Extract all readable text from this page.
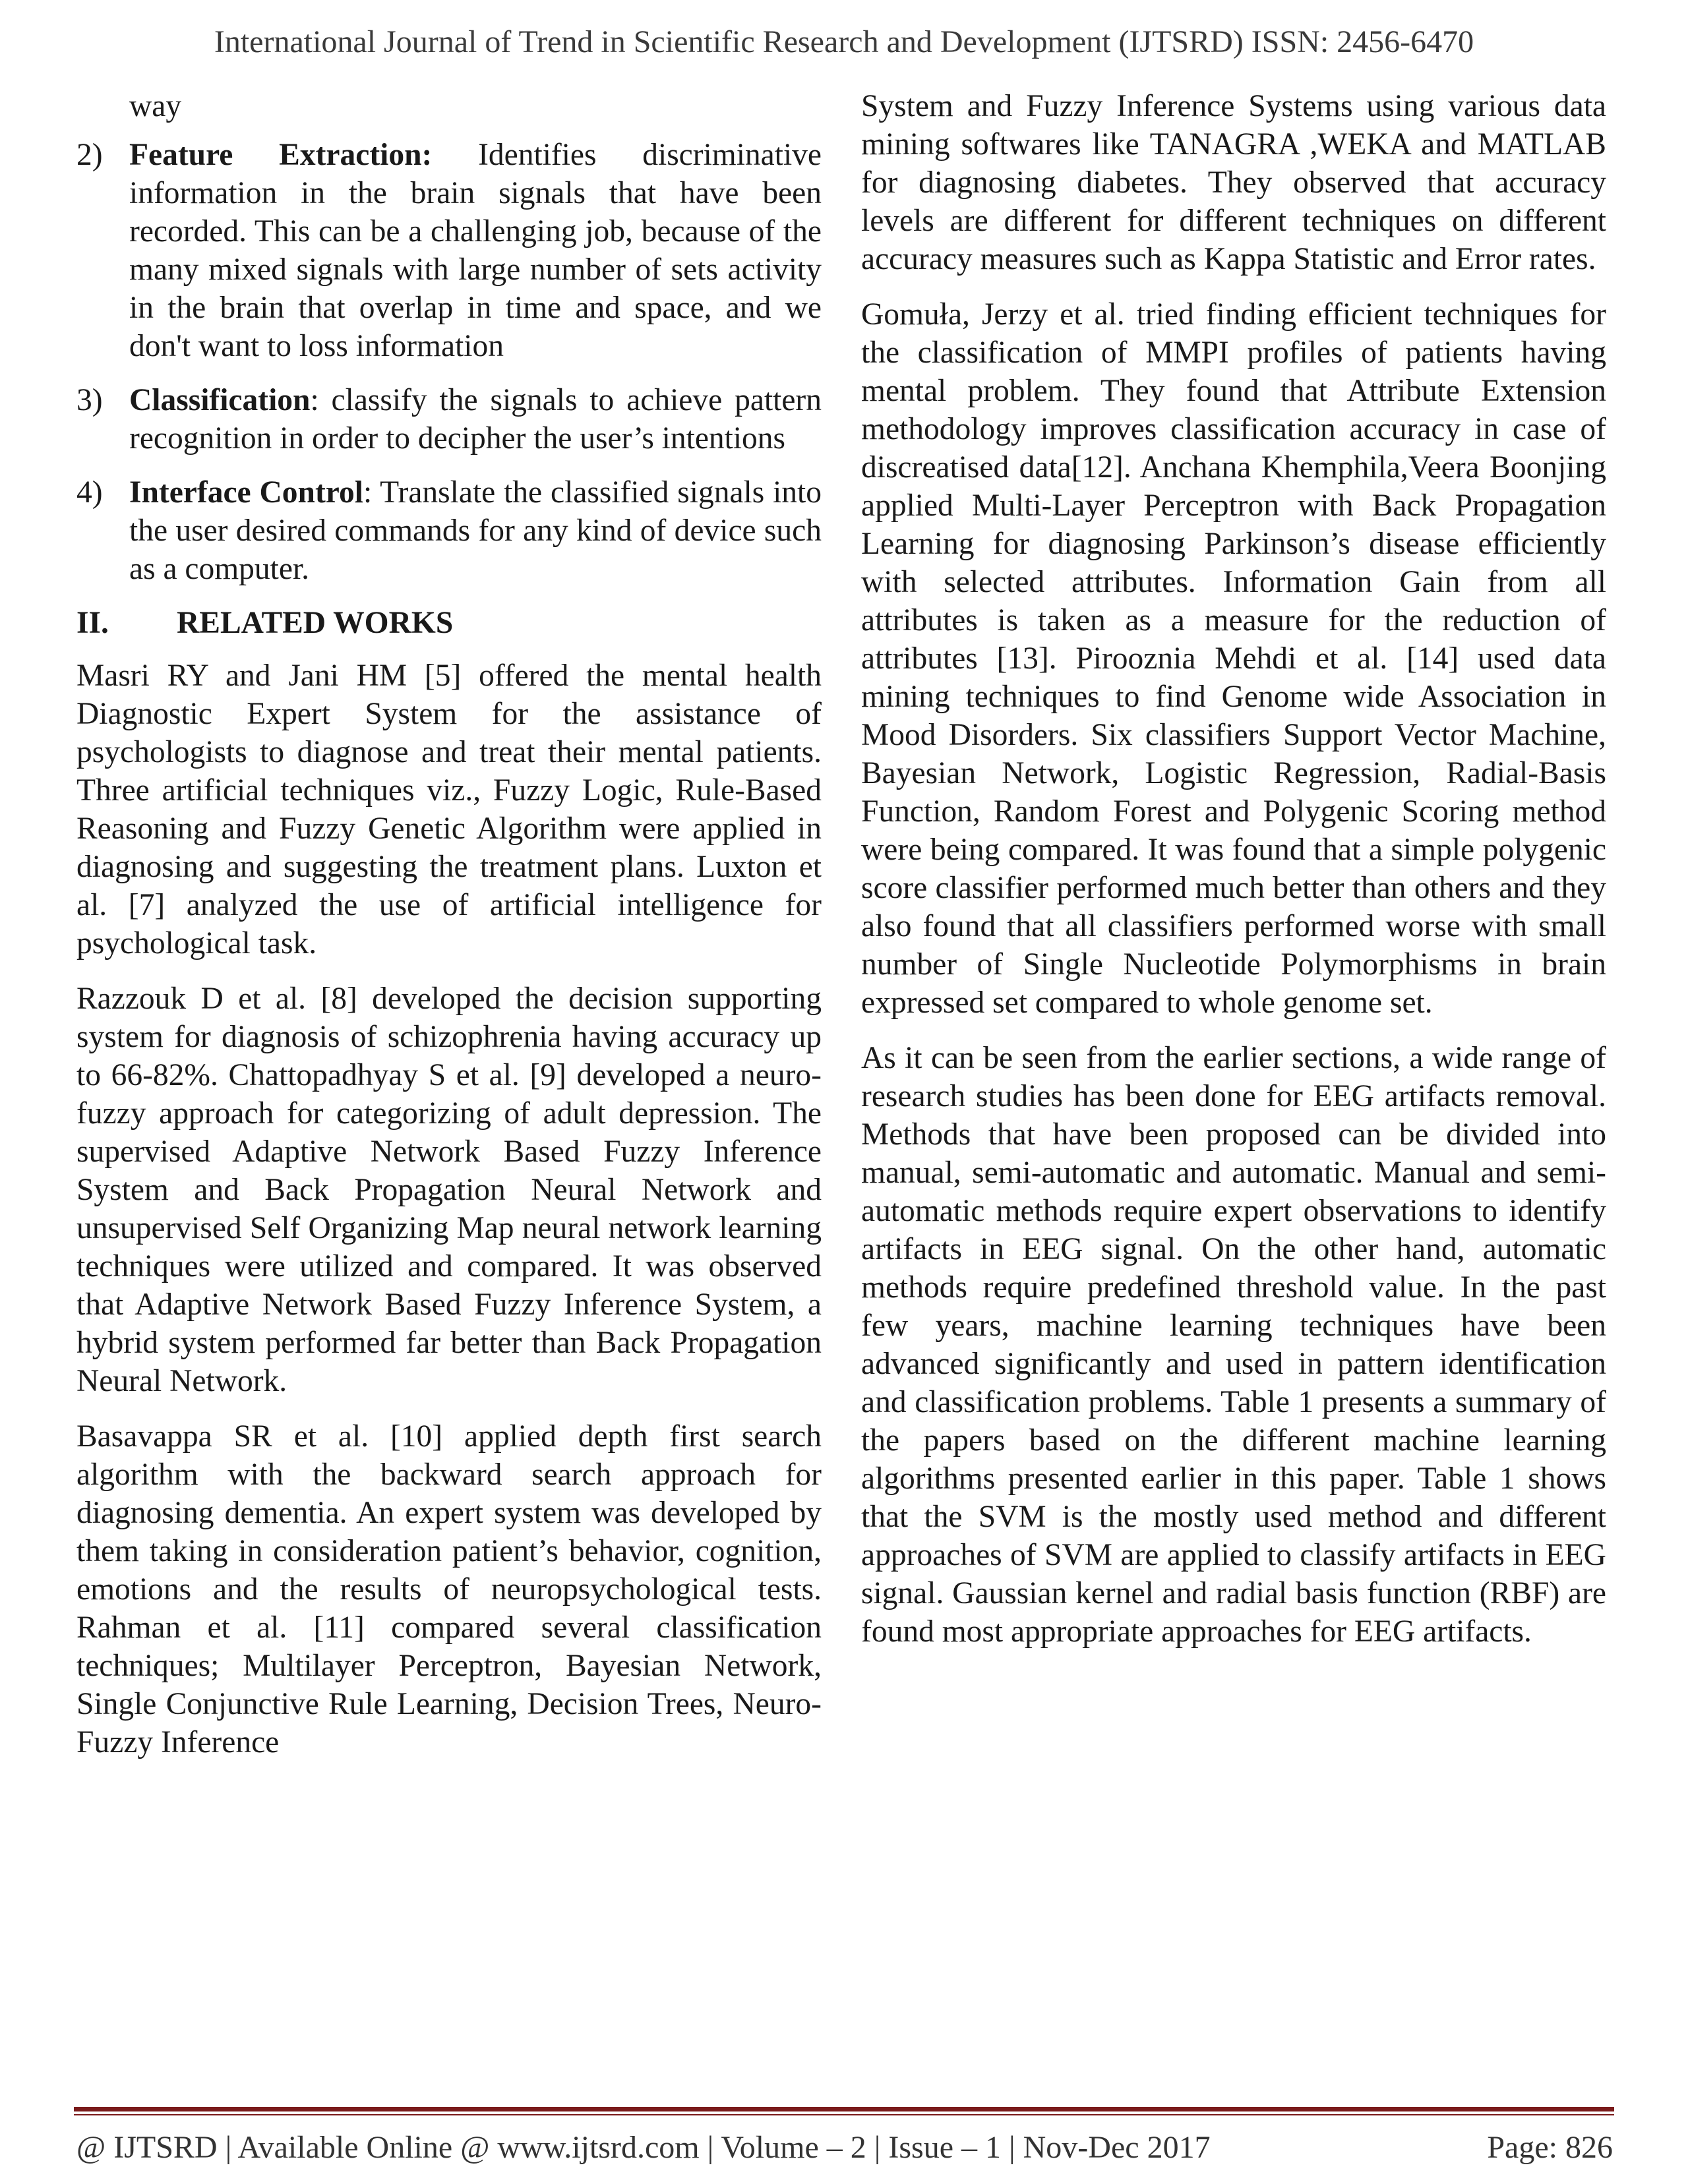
International Journal of Trend in Scientific Research and Development (IJTSRD) ISSN: 2456-6470

way

2) Feature Extraction: Identifies discriminative information in the brain signals that have been recorded. This can be a challenging job, because of the many mixed signals with large number of sets activity in the brain that overlap in time and space, and we don't want to loss information
3) Classification: classify the signals to achieve pattern recognition in order to decipher the user’s intentions
4) Interface Control: Translate the classified signals into the user desired commands for any kind of device such as a computer.
II. RELATED WORKS

Masri RY and Jani HM [5] offered the mental health Diagnostic Expert System for the assistance of psychologists to diagnose and treat their mental patients. Three artificial techniques viz., Fuzzy Logic, Rule-Based Reasoning and Fuzzy Genetic Algorithm were applied in diagnosing and suggesting the treatment plans. Luxton et al. [7] analyzed the use of artificial intelligence for psychological task.

Razzouk D et al. [8] developed the decision supporting system for diagnosis of schizophrenia having accuracy up to 66-82%. Chattopadhyay S et al. [9] developed a neuro-fuzzy approach for categorizing of adult depression. The supervised Adaptive Network Based Fuzzy Inference System and Back Propagation Neural Network and unsupervised Self Organizing Map neural network learning techniques were utilized and compared. It was observed that Adaptive Network Based Fuzzy Inference System, a hybrid system performed far better than Back Propagation Neural Network.

Basavappa SR et al. [10] applied depth first search algorithm with the backward search approach for diagnosing dementia. An expert system was developed by them taking in consideration patient’s behavior, cognition, emotions and the results of neuropsychological tests. Rahman et al. [11] compared several classification techniques; Multilayer Perceptron, Bayesian Network, Single Conjunctive Rule Learning, Decision Trees, Neuro-Fuzzy Inference

System and Fuzzy Inference Systems using various data mining softwares like TANAGRA ,WEKA and MATLAB for diagnosing diabetes. They observed that accuracy levels are different for different techniques on different accuracy measures such as Kappa Statistic and Error rates.

Gomuła, Jerzy et al. tried finding efficient techniques for the classification of MMPI profiles of patients having mental problem. They found that Attribute Extension methodology improves classification accuracy in case of discreatised data[12]. Anchana Khemphila,Veera Boonjing applied Multi-Layer Perceptron with Back Propagation Learning for diagnosing Parkinson’s disease efficiently with selected attributes. Information Gain from all attributes is taken as a measure for the reduction of attributes [13]. Pirooznia Mehdi et al. [14] used data mining techniques to find Genome wide Association in Mood Disorders. Six classifiers Support Vector Machine, Bayesian Network, Logistic Regression, Radial-Basis Function, Random Forest and Polygenic Scoring method were being compared. It was found that a simple polygenic score classifier performed much better than others and they also found that all classifiers performed worse with small number of Single Nucleotide Polymorphisms in brain expressed set compared to whole genome set.

As it can be seen from the earlier sections, a wide range of research studies has been done for EEG artifacts removal. Methods that have been proposed can be divided into manual, semi-automatic and automatic. Manual and semi-automatic methods require expert observations to identify artifacts in EEG signal. On the other hand, automatic methods require predefined threshold value. In the past few years, machine learning techniques have been advanced significantly and used in pattern identification and classification problems. Table 1 presents a summary of the papers based on the different machine learning algorithms presented earlier in this paper. Table 1 shows that the SVM is the mostly used method and different approaches of SVM are applied to classify artifacts in EEG signal. Gaussian kernel and radial basis function (RBF) are found most appropriate approaches for EEG artifacts.

@ IJTSRD | Available Online @ www.ijtsrd.com | Volume – 2 | Issue – 1 | Nov-Dec 2017	Page: 826
